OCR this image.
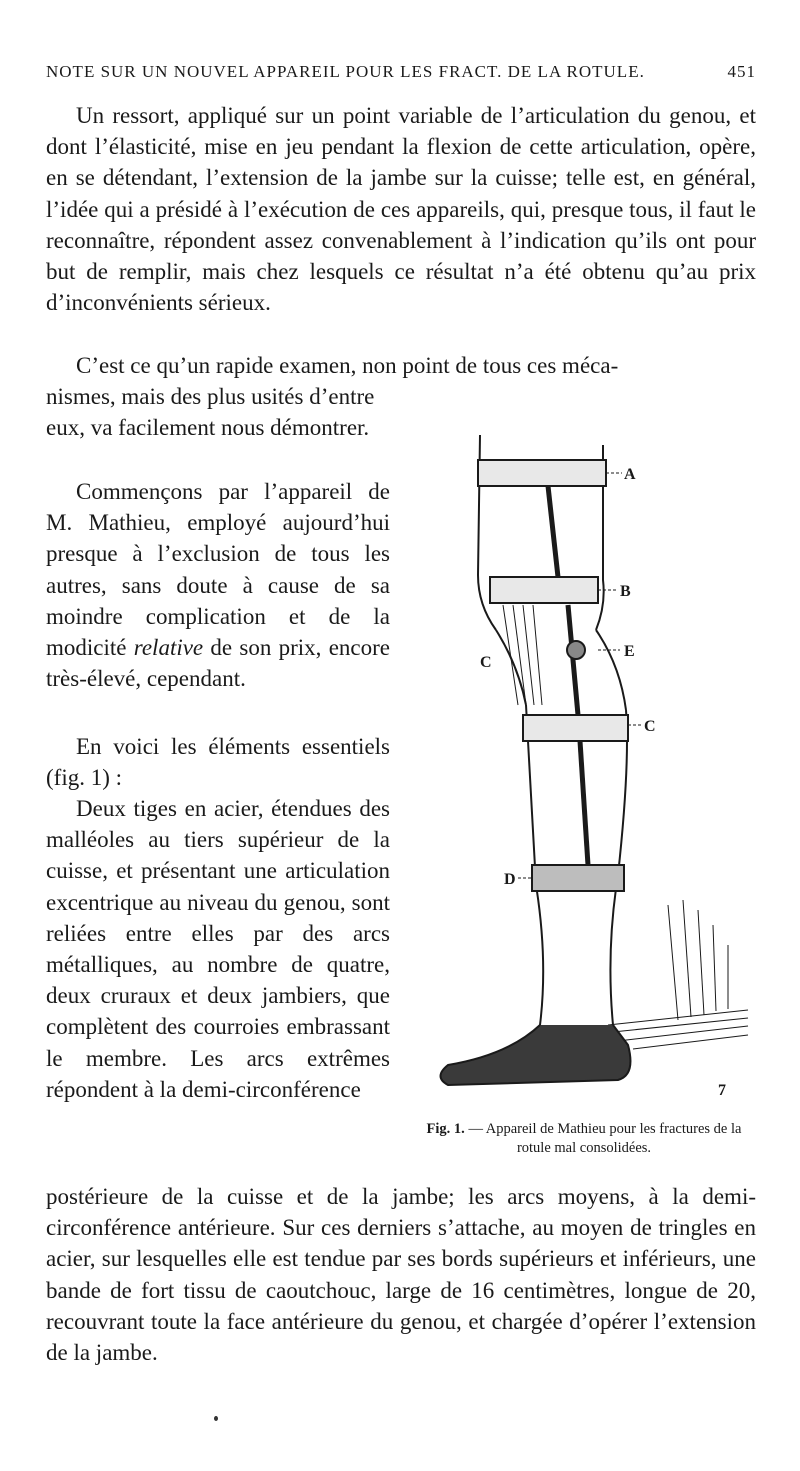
NOTE SUR UN NOUVEL APPAREIL POUR LES FRACT. DE LA ROTULE.	451

Un ressort, appliqué sur un point variable de l’articulation du genou, et dont l’élasticité, mise en jeu pendant la flexion de cette articulation, opère, en se détendant, l’extension de la jambe sur la cuisse; telle est, en général, l’idée qui a présidé à l’exécution de ces appareils, qui, presque tous, il faut le reconnaître, répondent assez convenablement à l’indication qu’ils ont pour but de remplir, mais chez lesquels ce résultat n’a été obtenu qu’au prix d’inconvénients sérieux.

C’est ce qu’un rapide examen, non point de tous ces méca-

nismes, mais des plus usités d’entre eux, va facilement nous démontrer.

Commençons par l’appareil de M. Mathieu, employé aujourd’hui presque à l’exclusion de tous les autres, sans doute à cause de sa moindre complication et de la modicité relative de son prix, encore très-élevé, cependant.

En voici les éléments essentiels (fig. 1) :

Deux tiges en acier, étendues des malléoles au tiers supérieur de la cuisse, et présentant une articulation excentrique au niveau du genou, sont reliées entre elles par des arcs métalliques, au nombre de quatre, deux cruraux et deux jambiers, que complètent des courroies embrassant le membre. Les arcs extrêmes répondent à la demi-circonférence

postérieure de la cuisse et de la jambe; les arcs moyens, à la demi-circonférence antérieure. Sur ces derniers s’attache, au moyen de tringles en acier, sur lesquelles elle est tendue par ses bords supérieurs et inférieurs, une bande de fort tissu de caoutchouc, large de 16 centimètres, longue de 20, recouvrant toute la face antérieure du genou, et chargée d’opérer l’extension de la jambe.

A
B
E
C
C
D
7
Fig. 1. — Appareil de Mathieu pour les fractures de la rotule mal consolidées.
